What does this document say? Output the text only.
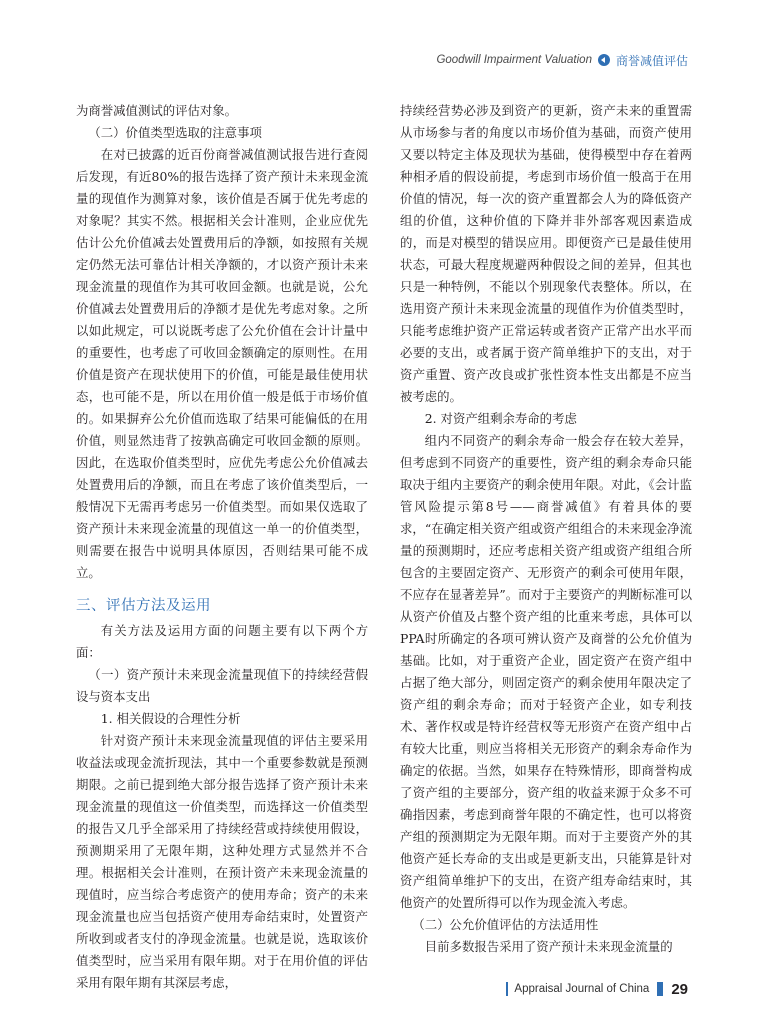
Goodwill Impairment Valuation 商誉减值评估

为商誉减值测试的评估对象。

（二）价值类型选取的注意事项

在对已披露的近百份商誉减值测试报告进行查阅后发现，有近80%的报告选择了资产预计未来现金流量的现值作为测算对象，该价值是否属于优先考虑的对象呢？其实不然。根据相关会计准则，企业应优先估计公允价值减去处置费用后的净额，如按照有关规定仍然无法可靠估计相关净额的，才以资产预计未来现金流量的现值作为其可收回金额。也就是说，公允价值减去处置费用后的净额才是优先考虑对象。之所以如此规定，可以说既考虑了公允价值在会计计量中的重要性，也考虑了可收回金额确定的原则性。在用价值是资产在现状使用下的价值，可能是最佳使用状态，也可能不是，所以在用价值一般是低于市场价值的。如果摒弃公允价值而选取了结果可能偏低的在用价值，则显然违背了按孰高确定可收回金额的原则。因此，在选取价值类型时，应优先考虑公允价值减去处置费用后的净额，而且在考虑了该价值类型后，一般情况下无需再考虑另一价值类型。而如果仅选取了资产预计未来现金流量的现值这一单一的价值类型，则需要在报告中说明具体原因，否则结果可能不成立。

三、评估方法及运用

有关方法及运用方面的问题主要有以下两个方面：

（一）资产预计未来现金流量现值下的持续经营假设与资本支出

1. 相关假设的合理性分析

针对资产预计未来现金流量现值的评估主要采用收益法或现金流折现法，其中一个重要参数就是预测期限。之前已提到绝大部分报告选择了资产预计未来现金流量的现值这一价值类型，而选择这一价值类型的报告又几乎全部采用了持续经营或持续使用假设，预测期采用了无限年期，这种处理方式显然并不合理。根据相关会计准则，在预计资产未来现金流量的现值时，应当综合考虑资产的使用寿命；资产的未来现金流量也应当包括资产使用寿命结束时，处置资产所收到或者支付的净现金流量。也就是说，选取该价值类型时，应当采用有限年期。对于在用价值的评估采用有限年期有其深层考虑，

持续经营势必涉及到资产的更新，资产未来的重置需从市场参与者的角度以市场价值为基础，而资产使用又要以特定主体及现状为基础，使得模型中存在着两种相矛盾的假设前提，考虑到市场价值一般高于在用价值的情况，每一次的资产重置都会人为的降低资产组的价值，这种价值的下降并非外部客观因素造成的，而是对模型的错误应用。即便资产已是最佳使用状态，可最大程度规避两种假设之间的差异，但其也只是一种特例，不能以个别现象代表整体。所以，在选用资产预计未来现金流量的现值作为价值类型时，只能考虑维护资产正常运转或者资产正常产出水平而必要的支出，或者属于资产简单维护下的支出，对于资产重置、资产改良或扩张性资本性支出都是不应当被考虑的。

2. 对资产组剩余寿命的考虑

组内不同资产的剩余寿命一般会存在较大差异，但考虑到不同资产的重要性，资产组的剩余寿命只能取决于组内主要资产的剩余使用年限。对此，《会计监管风险提示第8号——商誉减值》有着具体的要求，“在确定相关资产组或资产组组合的未来现金净流量的预测期时，还应考虑相关资产组或资产组组合所包含的主要固定资产、无形资产的剩余可使用年限，不应存在显著差异”。而对于主要资产的判断标准可以从资产价值及占整个资产组的比重来考虑，具体可以PPA时所确定的各项可辨认资产及商誉的公允价值为基础。比如，对于重资产企业，固定资产在资产组中占据了绝大部分，则固定资产的剩余使用年限决定了资产组的剩余寿命；而对于轻资产企业，如专利技术、著作权或是特许经营权等无形资产在资产组中占有较大比重，则应当将相关无形资产的剩余寿命作为确定的依据。当然，如果存在特殊情形，即商誉构成了资产组的主要部分，资产组的收益来源于众多不可确指因素，考虑到商誉年限的不确定性，也可以将资产组的预测期定为无限年期。而对于主要资产外的其他资产延长寿命的支出或是更新支出，只能算是针对资产组简单维护下的支出，在资产组寿命结束时，其他资产的处置所得可以作为现金流入考虑。

（二）公允价值评估的方法适用性

目前多数报告采用了资产预计未来现金流量的

Appraisal Journal of China 29
